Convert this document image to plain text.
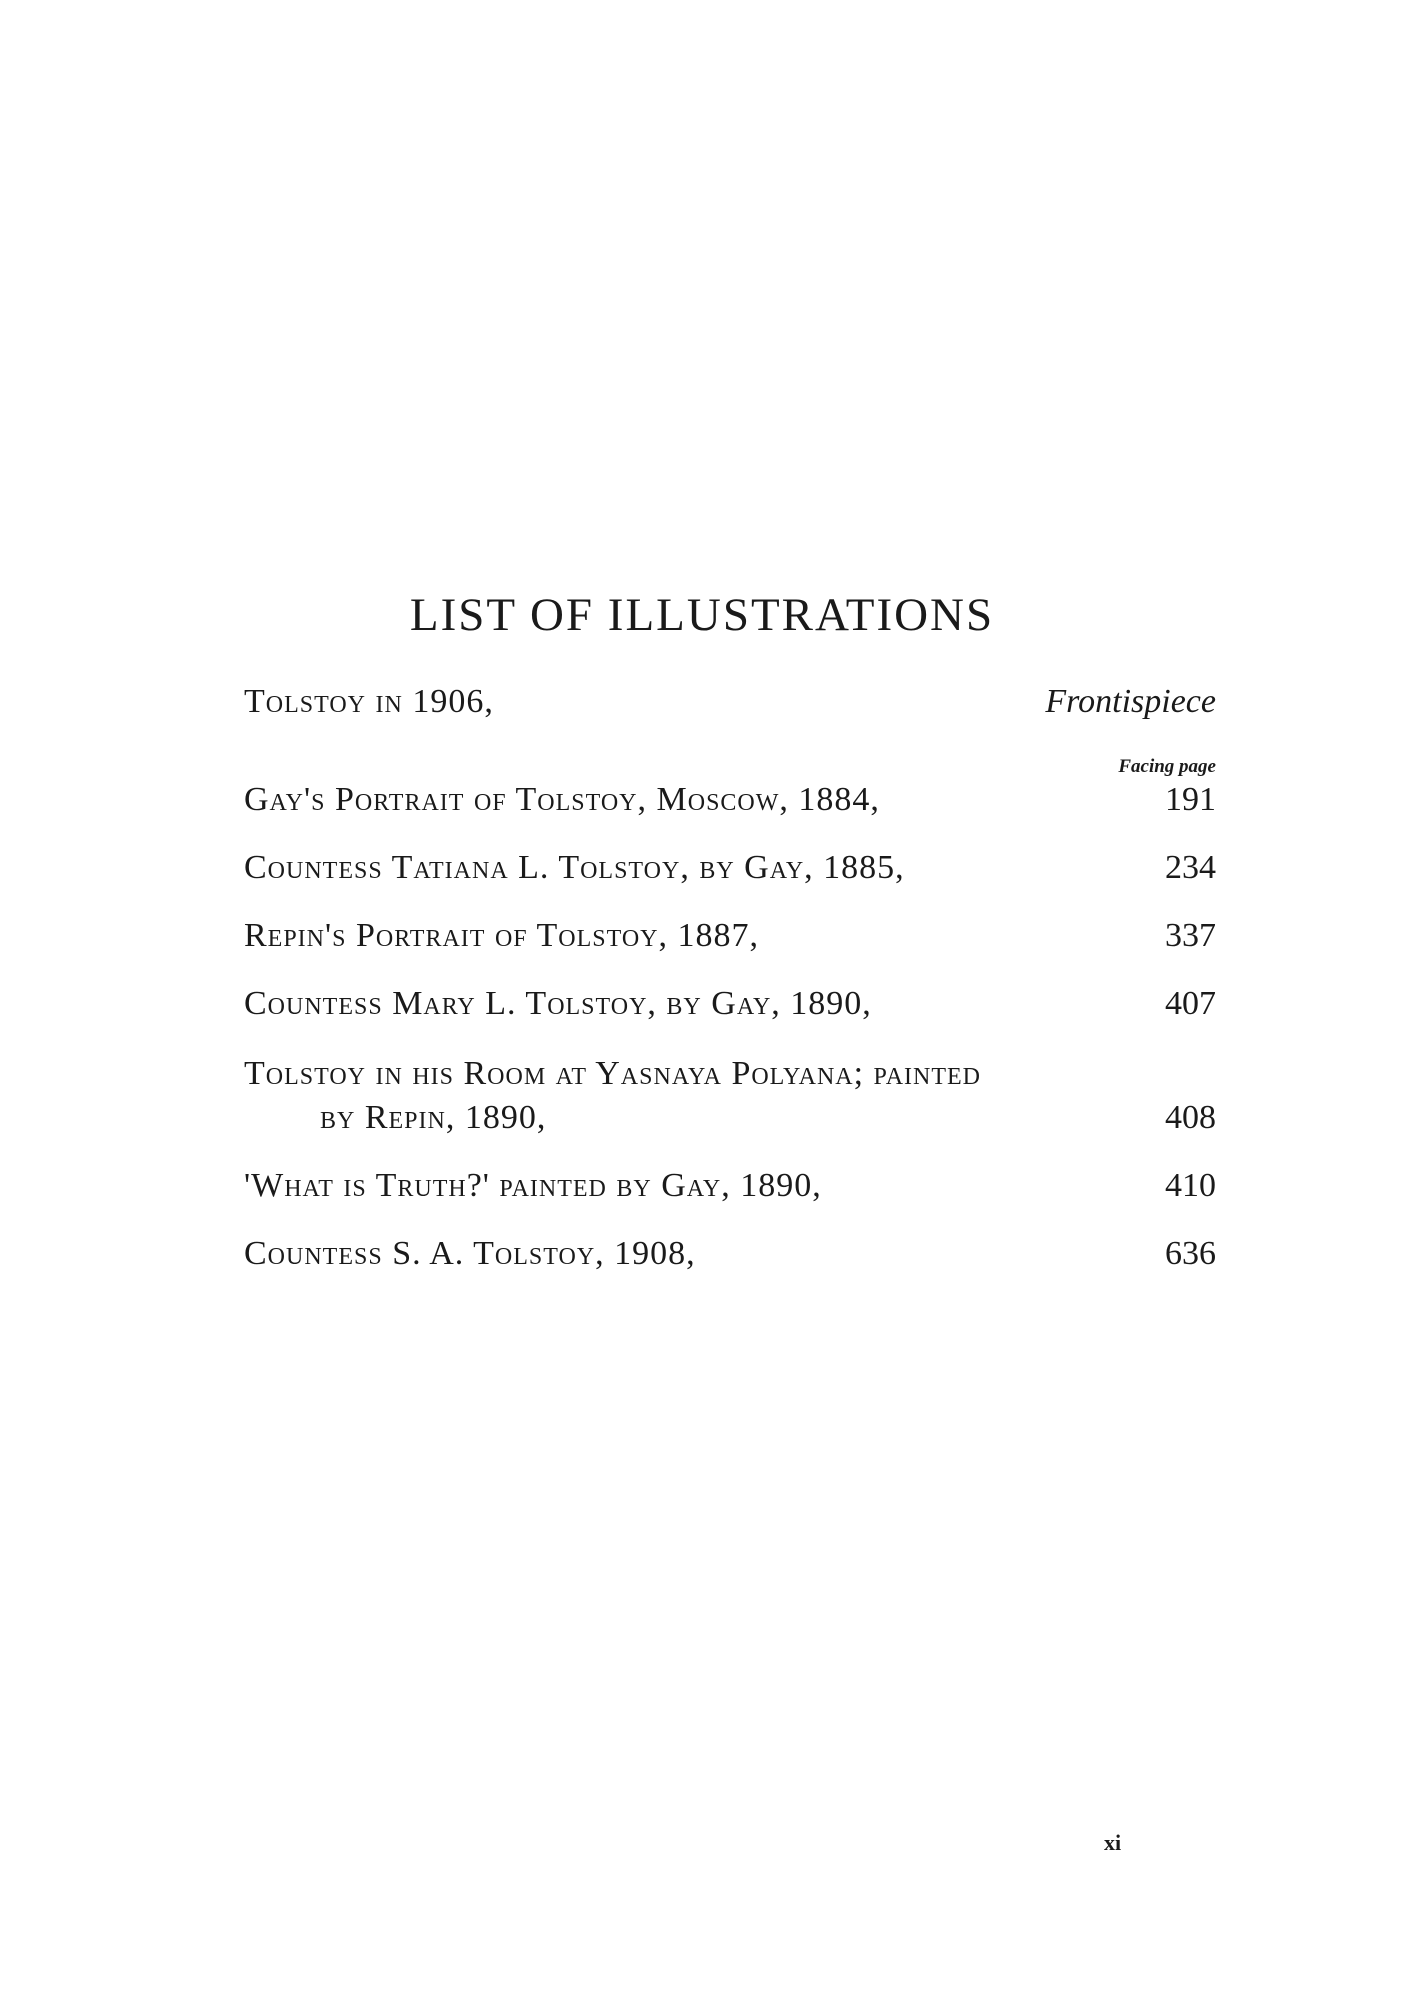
LIST OF ILLUSTRATIONS
Tolstoy in 1906,	Frontispiece
Facing page
Gay's Portrait of Tolstoy, Moscow, 1884,	191
Countess Tatiana L. Tolstoy, by Gay, 1885,	234
Repin's Portrait of Tolstoy, 1887,	337
Countess Mary L. Tolstoy, by Gay, 1890,	407
Tolstoy in his Room at Yasnaya Polyana; painted
by Repin, 1890,	408
'What is Truth?' painted by Gay, 1890,	410
Countess S. A. Tolstoy, 1908,	636
xi
